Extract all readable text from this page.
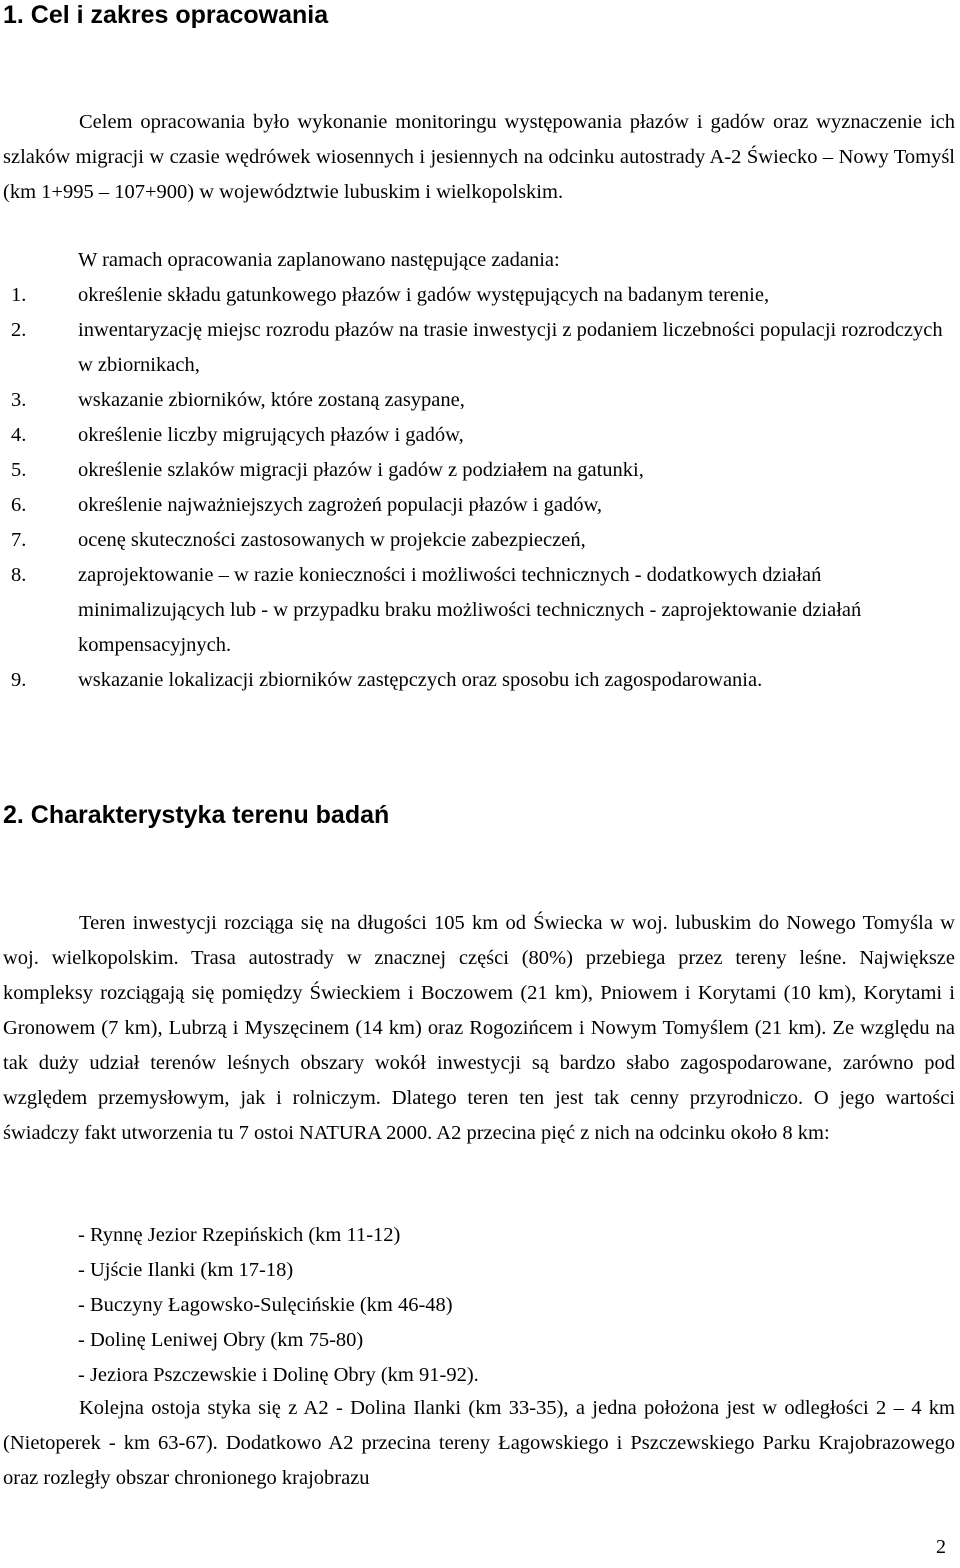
1. Cel i zakres opracowania

Celem opracowania było wykonanie monitoringu występowania płazów i gadów oraz wyznaczenie ich szlaków migracji w czasie wędrówek wiosennych i jesiennych na odcinku autostrady A-2 Świecko – Nowy Tomyśl (km 1+995 – 107+900) w województwie lubuskim i wielkopolskim.

W ramach opracowania zaplanowano następujące zadania:

1.	określenie składu gatunkowego płazów i gadów występujących na badanym terenie,
2.	inwentaryzację miejsc rozrodu płazów na trasie inwestycji z podaniem liczebności populacji rozrodczych w zbiornikach,
3.	wskazanie zbiorników, które zostaną zasypane,
4.	określenie liczby migrujących płazów i gadów,
5.	określenie szlaków migracji płazów i gadów z podziałem na gatunki,
6.	określenie najważniejszych zagrożeń populacji płazów i gadów,
7.	ocenę skuteczności zastosowanych w projekcie zabezpieczeń,
8.	zaprojektowanie – w razie konieczności i możliwości technicznych - dodatkowych działań minimalizujących lub - w przypadku braku możliwości technicznych - zaprojektowanie działań kompensacyjnych.
9.	wskazanie lokalizacji zbiorników zastępczych oraz sposobu ich zagospodarowania.
2. Charakterystyka terenu badań

Teren inwestycji rozciąga się na długości 105 km od Świecka w woj. lubuskim do Nowego Tomyśla w woj. wielkopolskim. Trasa autostrady w znacznej części (80%) przebiega przez tereny leśne. Największe kompleksy rozciągają się pomiędzy Świeckiem i Boczowem (21 km), Pniowem i Korytami (10 km), Korytami i Gronowem (7 km), Lubrzą i Myszęcinem (14 km) oraz Rogozińcem i Nowym Tomyślem (21 km). Ze względu na tak duży udział terenów leśnych obszary wokół inwestycji są bardzo słabo zagospodarowane, zarówno pod względem przemysłowym, jak i rolniczym. Dlatego teren ten jest tak cenny przyrodniczo. O jego wartości świadczy fakt utworzenia tu 7 ostoi NATURA 2000. A2 przecina pięć z nich na odcinku około 8 km:

- Rynnę Jezior Rzepińskich (km 11-12)
- Ujście Ilanki (km 17-18)
- Buczyny Łagowsko-Sulęcińskie (km 46-48)
- Dolinę Leniwej Obry (km 75-80)
- Jeziora Pszczewskie i Dolinę Obry (km 91-92).

Kolejna ostoja styka się z A2 - Dolina Ilanki (km 33-35), a jedna położona jest w odległości 2 – 4 km (Nietoperek - km 63-67). Dodatkowo A2 przecina tereny Łagowskiego i Pszczewskiego Parku Krajobrazowego oraz rozległy obszar chronionego krajobrazu

2
